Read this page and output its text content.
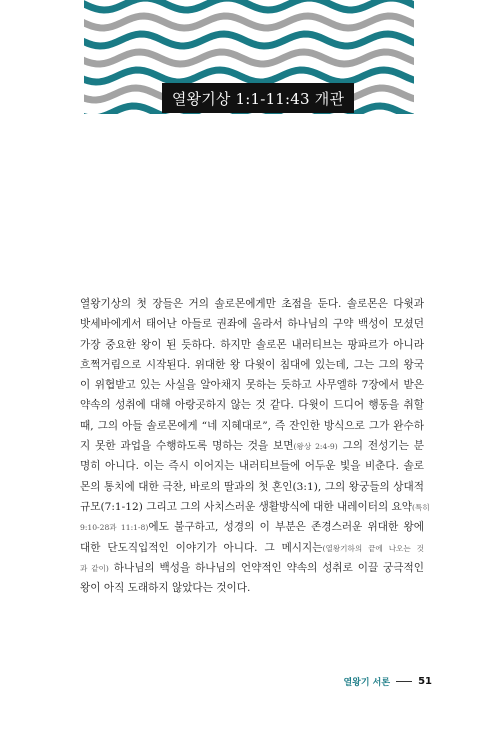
열왕기상 1:1-11:43 개관
열왕기상의 첫 장들은 거의 솔로몬에게만 초점을 둔다. 솔로몬은 다윗과
밧세바에게서 태어난 아들로 권좌에 올라서 하나님의 구약 백성이 모셨던
가장 중요한 왕이 된 듯하다. 하지만 솔로몬 내러티브는 팡파르가 아니라
흐쩍거림으로 시작된다. 위대한 왕 다윗이 침대에 있는데, 그는 그의 왕국
이 위협받고 있는 사실을 알아채지 못하는 듯하고 사무엘하 7장에서 받은
약속의 성취에 대해 아랑곳하지 않는 것 같다. 다윗이 드디어 행동을 취할
때, 그의 아들 솔로몬에게 “네 지혜대로”, 즉 잔인한 방식으로 그가 완수하
지 못한 과업을 수행하도록 명하는 것을 보면(왕상 2:4-9) 그의 전성기는 분
명히 아니다. 이는 즉시 이어지는 내러티브들에 어두운 빛을 비춘다. 솔로
몬의 통치에 대한 극찬, 바로의 딸과의 첫 혼인(3:1), 그의 왕궁들의 상대적
규모(7:1-12) 그리고 그의 사치스러운 생활방식에 대한 내레이터의 요약(특히
9:10-28과 11:1-8)에도 불구하고, 성경의 이 부분은 존경스러운 위대한 왕에
대한 단도직입적인 이야기가 아니다. 그 메시지는(열왕기하의 끝에 나오는 것
과 같이) 하나님의 백성을 하나님의 언약적인 약속의 성취로 이끌 궁극적인
왕이 아직 도래하지 않았다는 것이다.
열왕기 서론	51
